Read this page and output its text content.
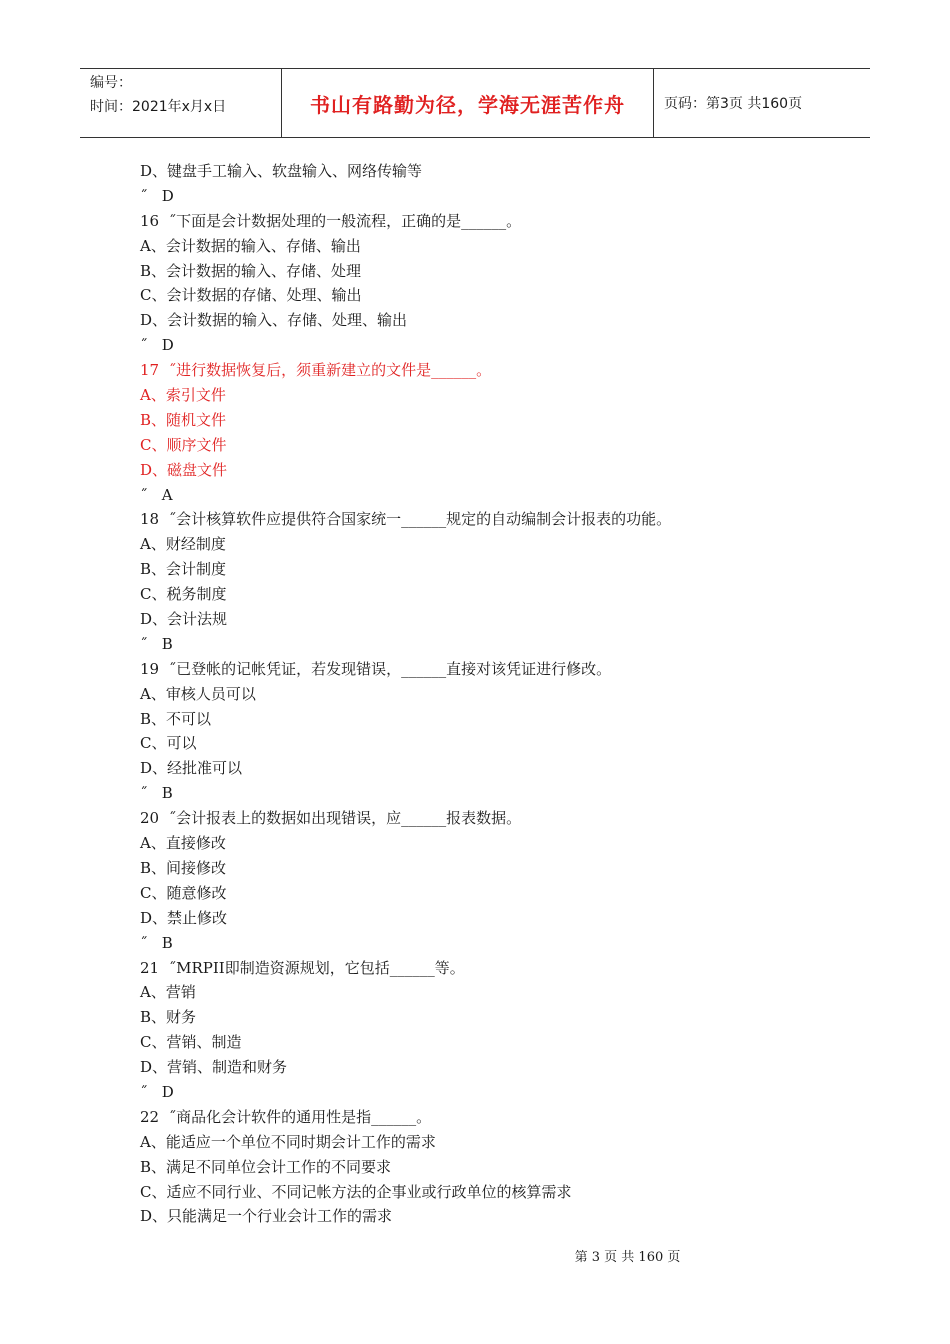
编号：
时间：2021年x月x日	书山有路勤为径，学海无涯苦作舟	页码：第3页 共160页
D、键盘手工输入、软盘输入、网络传输等
˝   D
16  ˝下面是会计数据处理的一般流程，正确的是______。
A、会计数据的输入、存储、输出
B、会计数据的输入、存储、处理
C、会计数据的存储、处理、输出
D、会计数据的输入、存储、处理、输出
˝   D
17  ˝进行数据恢复后，须重新建立的文件是______。
A、索引文件
B、随机文件
C、顺序文件
D、磁盘文件
˝   A
18  ˝会计核算软件应提供符合国家统一______规定的自动编制会计报表的功能。
A、财经制度
B、会计制度
C、税务制度
D、会计法规
˝   B
19  ˝已登帐的记帐凭证，若发现错误，______直接对该凭证进行修改。
A、审核人员可以
B、不可以
C、可以
D、经批准可以
˝   B
20  ˝会计报表上的数据如出现错误，应______报表数据。
A、直接修改
B、间接修改
C、随意修改
D、禁止修改
˝   B
21  ˝MRPII即制造资源规划，它包括______等。
A、营销
B、财务
C、营销、制造
D、营销、制造和财务
˝   D
22  ˝商品化会计软件的通用性是指______。
A、能适应一个单位不同时期会计工作的需求
B、满足不同单位会计工作的不同要求
C、适应不同行业、不同记帐方法的企事业或行政单位的核算需求
D、只能满足一个行业会计工作的需求
第 3 页 共 160 页
